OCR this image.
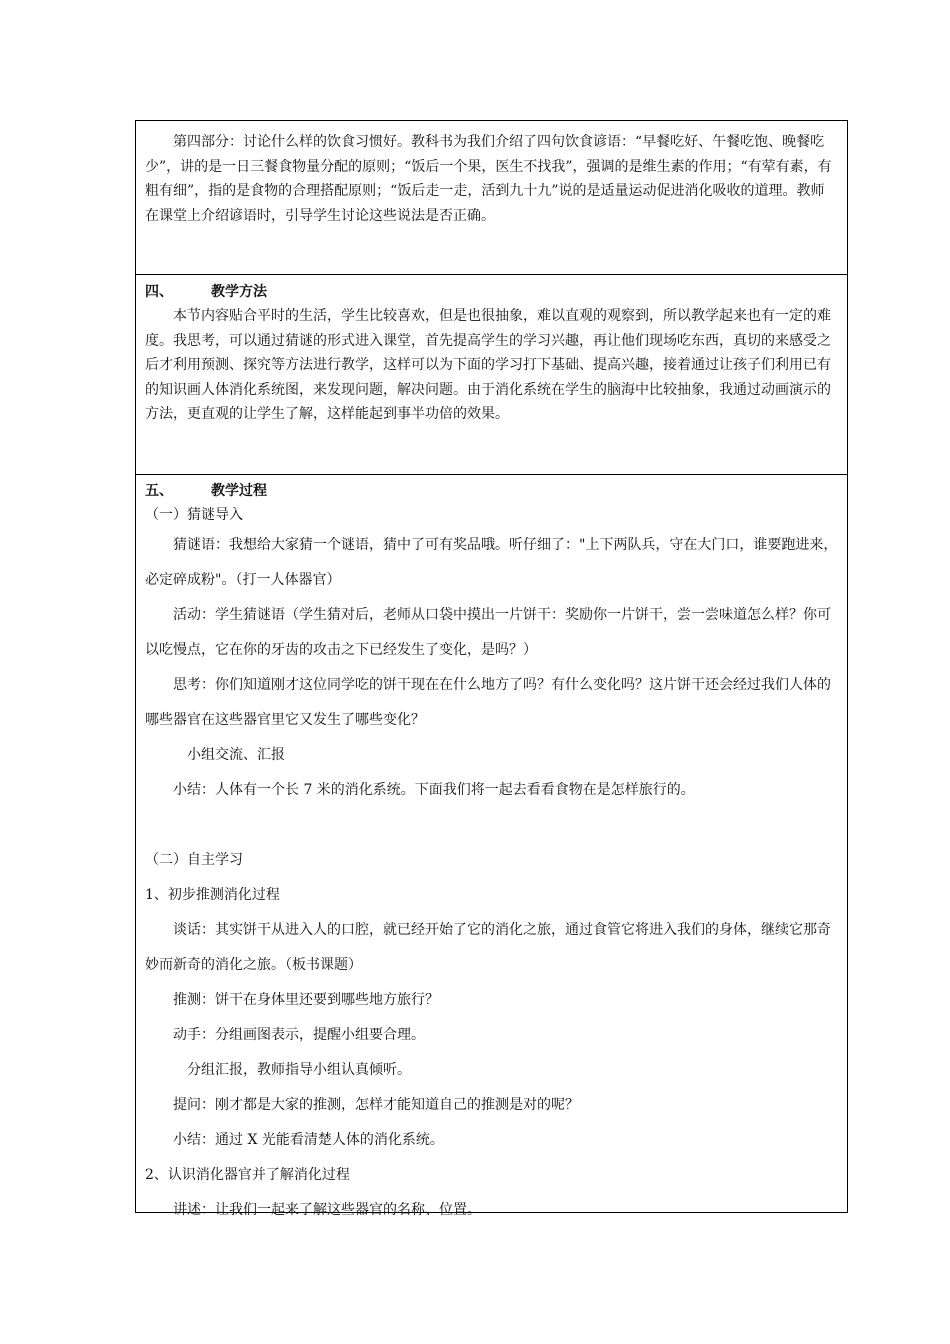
第四部分：讨论什么样的饮食习惯好。教科书为我们介绍了四句饮食谚语：“早餐吃好、午餐吃饱、晚餐吃少”，讲的是一日三餐食物量分配的原则；“饭后一个果，医生不找我”，强调的是维生素的作用；“有荤有素，有粗有细”，指的是食物的合理搭配原则；“饭后走一走，活到九十九”说的是适量运动促进消化吸收的道理。教师在课堂上介绍谚语时，引导学生讨论这些说法是否正确。

四、	教学方法

本节内容贴合平时的生活，学生比较喜欢，但是也很抽象，难以直观的观察到，所以教学起来也有一定的难度。我思考，可以通过猜谜的形式进入课堂，首先提高学生的学习兴趣，再让他们现场吃东西，真切的来感受之后才利用预测、探究等方法进行教学，这样可以为下面的学习打下基础、提高兴趣，接着通过让孩子们利用已有的知识画人体消化系统图，来发现问题，解决问题。由于消化系统在学生的脑海中比较抽象，我通过动画演示的方法，更直观的让学生了解，这样能起到事半功倍的效果。

五、	教学过程

（一）猜谜导入

猜谜语：我想给大家猜一个谜语，猜中了可有奖品哦。听仔细了："上下两队兵，守在大门口，谁要跑进来，必定碎成粉"。（打一人体器官）

活动：学生猜谜语（学生猜对后，老师从口袋中摸出一片饼干：奖励你一片饼干，尝一尝味道怎么样？你可以吃慢点，它在你的牙齿的攻击之下已经发生了变化，是吗？）

思考：你们知道刚才这位同学吃的饼干现在在什么地方了吗？有什么变化吗？这片饼干还会经过我们人体的哪些器官在这些器官里它又发生了哪些变化？

小组交流、汇报

小结：人体有一个长 7 米的消化系统。下面我们将一起去看看食物在是怎样旅行的。

（二）自主学习

1、初步推测消化过程

谈话：其实饼干从进入人的口腔，就已经开始了它的消化之旅，通过食管它将进入我们的身体，继续它那奇妙而新奇的消化之旅。（板书课题）

推测：饼干在身体里还要到哪些地方旅行？

动手：分组画图表示，提醒小组要合理。

分组汇报，教师指导小组认真倾听。

提问：刚才都是大家的推测，怎样才能知道自己的推测是对的呢？

小结：通过 X 光能看清楚人体的消化系统。

2、认识消化器官并了解消化过程

讲述：让我们一起来了解这些器官的名称、位置。
